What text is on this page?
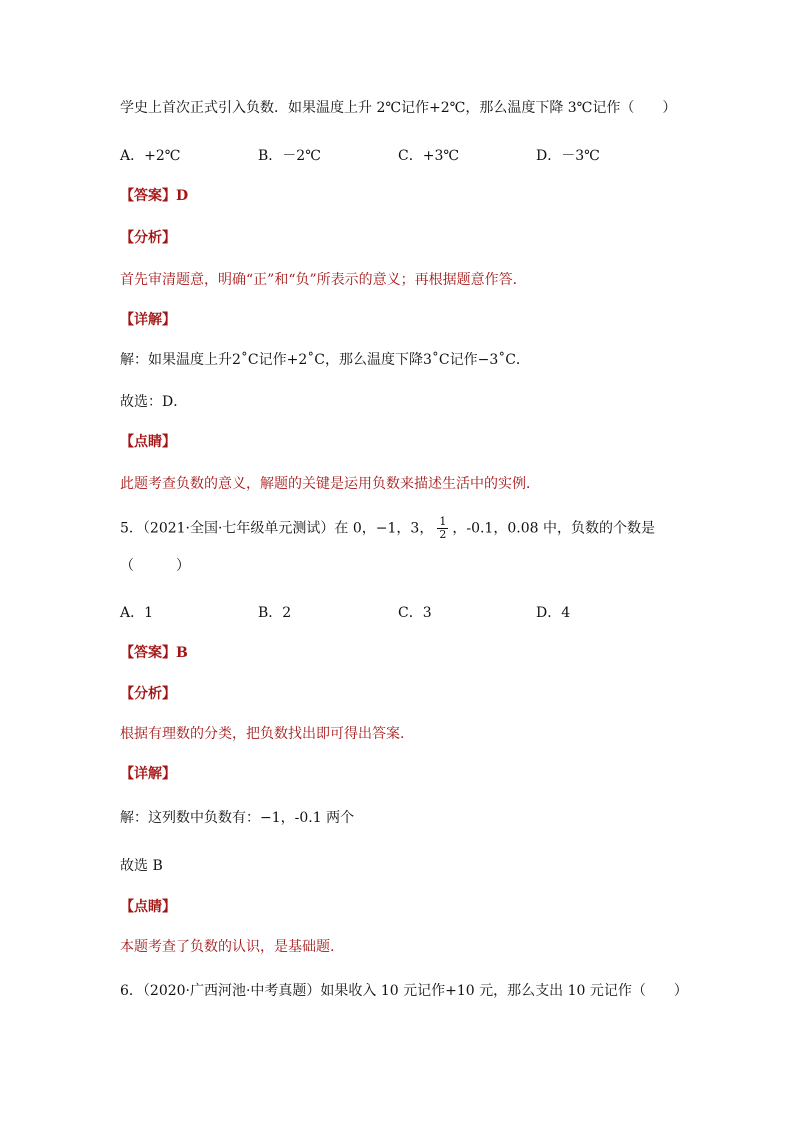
学史上首次正式引入负数．如果温度上升 2℃记作+2℃，那么温度下降 3℃记作（　　）
A．+2℃	B．－2℃	C．+3℃	D．－3℃
【答案】D
【分析】
首先审清题意，明确“正”和“负”所表示的意义；再根据题意作答．
【详解】
解：如果温度上升2˚C记作+2˚C，那么温度下降3˚C记作−3˚C．
故选：D．
【点睛】
此题考查负数的意义，解题的关键是运用负数来描述生活中的实例．
5．（2021·全国·七年级单元测试）在 0，−1，3， $\frac{1}{2}$ ，-0.1，0.08 中，负数的个数是
（　　　）
A．1	B．2	C．3	D．4
【答案】B
【分析】
根据有理数的分类，把负数找出即可得出答案.
【详解】
解：这列数中负数有：−1，-0.1 两个
故选 B
【点睛】
本题考查了负数的认识，是基础题.
6．（2020·广西河池·中考真题）如果收入 10 元记作+10 元，那么支出 10 元记作（　　）
